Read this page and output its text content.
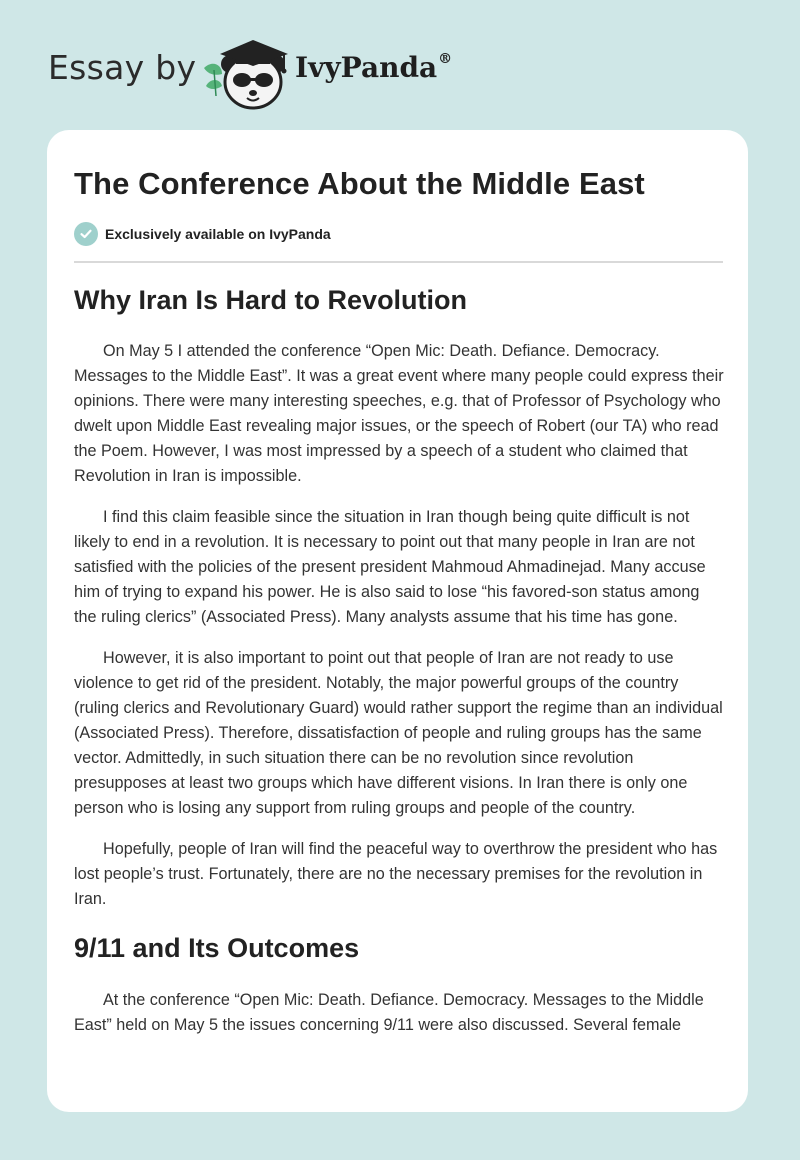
Essay by	IvyPanda®
The Conference About the Middle East
Exclusively available on IvyPanda
Why Iran Is Hard to Revolution

On May 5 I attended the conference “Open Mic: Death. Defiance. Democracy. Messages to the Middle East”. It was a great event where many people could express their opinions. There were many interesting speeches, e.g. that of Professor of Psychology who dwelt upon Middle East revealing major issues, or the speech of Robert (our TA) who read the Poem. However, I was most impressed by a speech of a student who claimed that Revolution in Iran is impossible.

I find this claim feasible since the situation in Iran though being quite difficult is not likely to end in a revolution. It is necessary to point out that many people in Iran are not satisfied with the policies of the present president Mahmoud Ahmadinejad. Many accuse him of trying to expand his power. He is also said to lose “his favored-son status among the ruling clerics” (Associated Press). Many analysts assume that his time has gone.

However, it is also important to point out that people of Iran are not ready to use violence to get rid of the president. Notably, the major powerful groups of the country (ruling clerics and Revolutionary Guard) would rather support the regime than an individual (Associated Press). Therefore, dissatisfaction of people and ruling groups has the same vector. Admittedly, in such situation there can be no revolution since revolution presupposes at least two groups which have different visions. In Iran there is only one person who is losing any support from ruling groups and people of the country.

Hopefully, people of Iran will find the peaceful way to overthrow the president who has lost people’s trust. Fortunately, there are no the necessary premises for the revolution in Iran.

9/11 and Its Outcomes

At the conference “Open Mic: Death. Defiance. Democracy. Messages to the Middle East” held on May 5 the issues concerning 9/11 were also discussed. Several female
